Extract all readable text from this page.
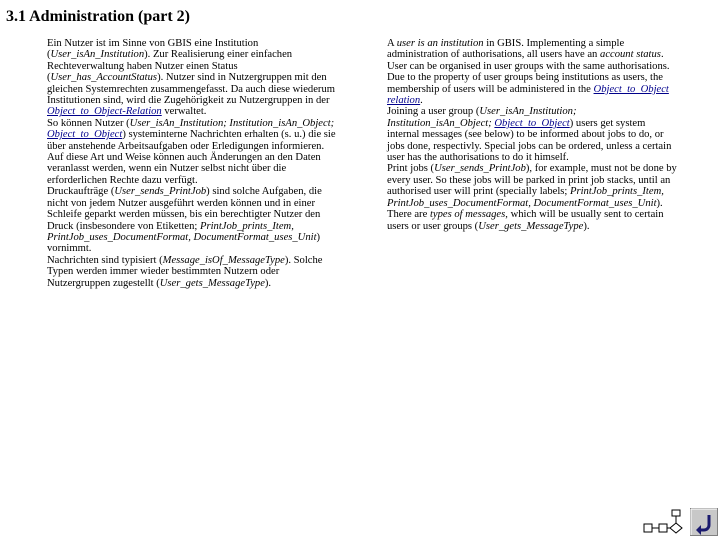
3.1 Administration (part 2)

Ein Nutzer ist im Sinne von GBIS eine Institution (User_isAn_Institution). Zur Realisierung einer einfachen Rechteverwaltung haben Nutzer einen Status (User_has_AccountStatus). Nutzer sind in Nutzergruppen mit den gleichen Systemrechten zusammengefasst. Da auch diese wiederum Institutionen sind, wird die Zugehörigkeit zu Nutzergruppen in der Object_to_Object-Relation verwaltet.

So können Nutzer (User_isAn_Institution; Institution_isAn_Object; Object_to_Object) systeminterne Nachrichten erhalten (s. u.) die sie über anstehende Arbeitsaufgaben oder Erledigungen informieren. Auf diese Art und Weise können auch Änderungen an den Daten veranlasst werden, wenn ein Nutzer selbst nicht über die erforderlichen Rechte dazu verfügt.

Druckaufträge (User_sends_PrintJob) sind solche Aufgaben, die nicht von jedem Nutzer ausgeführt werden können und in einer Schleife geparkt werden müssen, bis ein berechtigter Nutzer den Druck (insbesondere von Etiketten; PrintJob_prints_Item, PrintJob_uses_DocumentFormat, DocumentFormat_uses_Unit) vornimmt.

Nachrichten sind typisiert (Message_isOf_MessageType). Solche Typen werden immer wieder bestimmten Nutzern oder Nutzergruppen zugestellt (User_gets_MessageType).

A user is an institution in GBIS. Implementing a simple administration of authorisations, all users have an account status. User can be organised in user groups with the same authorisations. Due to the property of user groups being institutions as users, the membership of users will be administered in the Object_to_Object relation.

Joining a user group (User_isAn_Institution; Institution_isAn_Object; Object_to_Object) users get system internal messages (see below) to be informed about jobs to do, or jobs done, respectivly. Special jobs can be ordered, unless a certain user has the authorisations to do it himself.

Print jobs (User_sends_PrintJob), for example, must not be done by every user. So these jobs will be parked in print job stacks, until an authorised user will print (specially labels; PrintJob_prints_Item, PrintJob_uses_DocumentFormat, DocumentFormat_uses_Unit).

There are types of messages, which will be usually sent to certain users or user groups (User_gets_MessageType).
